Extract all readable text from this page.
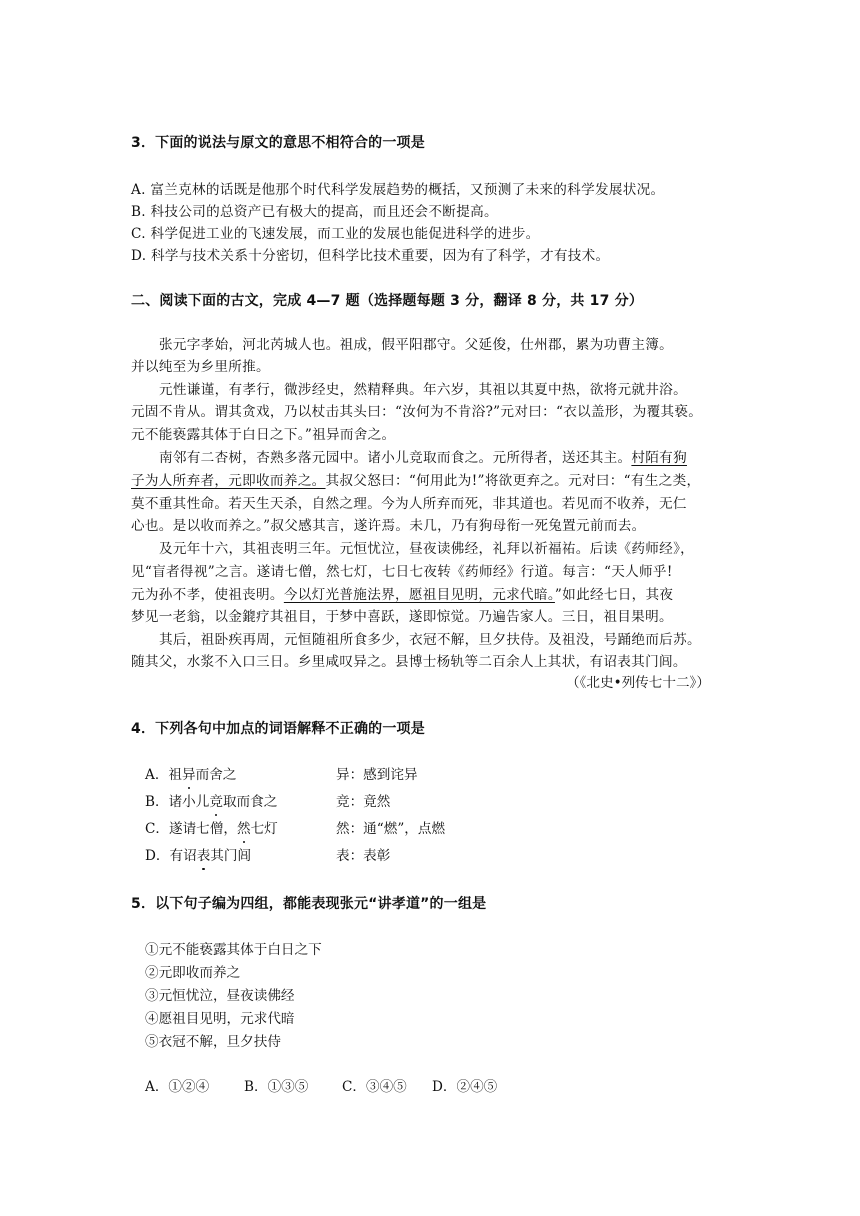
3．下面的说法与原文的意思不相符合的一项是
A. 富兰克林的话既是他那个时代科学发展趋势的概括，又预测了未来的科学发展状况。
B. 科技公司的总资产已有极大的提高，而且还会不断提高。
C. 科学促进工业的飞速发展，而工业的发展也能促进科学的进步。
D. 科学与技术关系十分密切，但科学比技术重要，因为有了科学，才有技术。
二、阅读下面的古文，完成 4—7 题（选择题每题 3 分，翻译 8 分，共 17 分）
张元字孝始，河北芮城人也。祖成，假平阳郡守。父延俊，仕州郡，累为功曹主簿。
并以纯至为乡里所推。
元性谦谨，有孝行，微涉经史，然精释典。年六岁，其祖以其夏中热，欲将元就井浴。
元固不肯从。谓其贪戏，乃以杖击其头曰：“汝何为不肯浴?”元对曰：“衣以盖形，为覆其亵。
元不能亵露其体于白日之下。”祖异而舍之。
南邻有二杏树，杏熟多落元园中。诸小儿竞取而食之。元所得者，送还其主。村陌有狗
子为人所弃者，元即收而养之。其叔父怒曰：“何用此为!”将欲更弃之。元对曰：“有生之类，
莫不重其性命。若天生天杀，自然之理。今为人所弃而死，非其道也。若见而不收养，无仁
心也。是以收而养之。”叔父感其言，遂许焉。未几，乃有狗母衔一死兔置元前而去。
及元年十六，其祖丧明三年。元恒忧泣，昼夜读佛经，礼拜以祈福祐。后读《药师经》，
见“盲者得视”之言。遂请七僧，然七灯，七日七夜转《药师经》行道。每言：“天人师乎!
元为孙不孝，使祖丧明。今以灯光普施法界，愿祖目见明，元求代暗。”如此经七日，其夜
梦见一老翁，以金鎞疗其祖目，于梦中喜跃，遂即惊觉。乃遍告家人。三日，祖目果明。
其后，祖卧疾再周，元恒随祖所食多少，衣冠不解，旦夕扶侍。及祖没，号踊绝而后苏。
随其父，水浆不入口三日。乡里咸叹异之。县博士杨轨等二百余人上其状，有诏表其门闾。
（《北史•列传七十二》）
4．下列各句中加点的词语解释不正确的一项是
A．祖异而舍之	异：感到诧异
B．诸小儿竞取而食之	竞：竟然
C．遂请七僧，然七灯	然：通“燃”，点燃
D．有诏表其门闾	表：表彰
5．以下句子编为四组，都能表现张元“讲孝道”的一组是
①元不能亵露其体于白日之下
②元即收而养之
③元恒忧泣，昼夜读佛经
④愿祖目见明，元求代暗
⑤衣冠不解，旦夕扶侍
A．①②④	B．①③⑤ C．③④⑤ D．②④⑤
